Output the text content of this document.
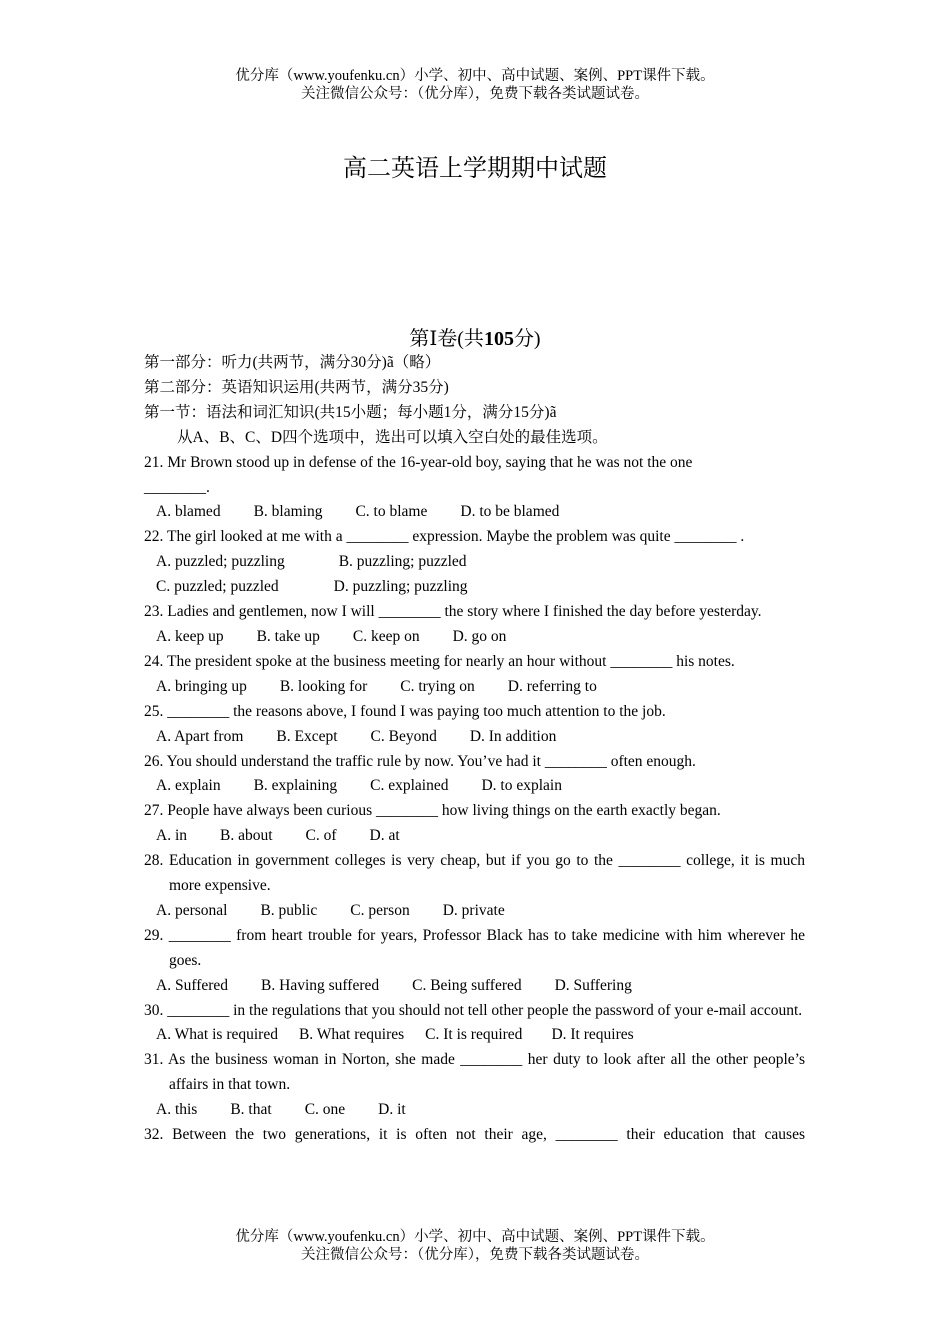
优分库（www.youfenku.cn）小学、初中、高中试题、案例、PPT课件下载。
关注微信公众号：（优分库），免费下载各类试题试卷。
高二英语上学期期中试题
第Ⅰ卷(共105分)
第一部分：听力(共两节，满分30分)ã（略）
第二部分：英语知识运用(共两节，满分35分)
第一节：语法和词汇知识(共15小题；每小题1分，满分15分)ã
从A、B、C、D四个选项中，选出可以填入空白处的最佳选项。
21. Mr Brown stood up in defense of the 16-year-old boy, saying that he was not the one
________.
A. blamed B. blaming C. to blame D. to be blamed
22. The girl looked at me with a ________ expression. Maybe the problem was quite ________ .
A. puzzled; puzzling	B. puzzling; puzzled
C. puzzled; puzzled	D. puzzling; puzzling
23. Ladies and gentlemen, now I will ________ the story where I finished the day before yesterday.
A. keep up B. take up C. keep on D. go on
24. The president spoke at the business meeting for nearly an hour without ________ his notes.
A. bringing up B. looking for C. trying on D. referring to
25. ________ the reasons above, I found I was paying too much attention to the job.
A. Apart from B. Except C. Beyond D. In addition
26. You should understand the traffic rule by now. You’ve had it ________ often enough.
A. explain B. explaining C. explained D. to explain
27. People have always been curious ________ how living things on the earth exactly began.
A. in B. about C. of D. at
28. Education in government colleges is very cheap, but if you go to the ________ college, it is much more expensive.
A. personal B. public C. person D. private
29. ________ from heart trouble for years, Professor Black has to take medicine with him wherever he goes.
A. Suffered B. Having suffered C. Being suffered D. Suffering
30. ________ in the regulations that you should not tell other people the password of your e-mail account.
A. What is required B. What requires C. It is required D. It requires
31. As the business woman in Norton, she made ________ her duty to look after all the other people’s affairs in that town.
A. this B. that C. one D. it
32. Between the two generations, it is often not their age, ________ their education that causes
优分库（www.youfenku.cn）小学、初中、高中试题、案例、PPT课件下载。
关注微信公众号：（优分库），免费下载各类试题试卷。
